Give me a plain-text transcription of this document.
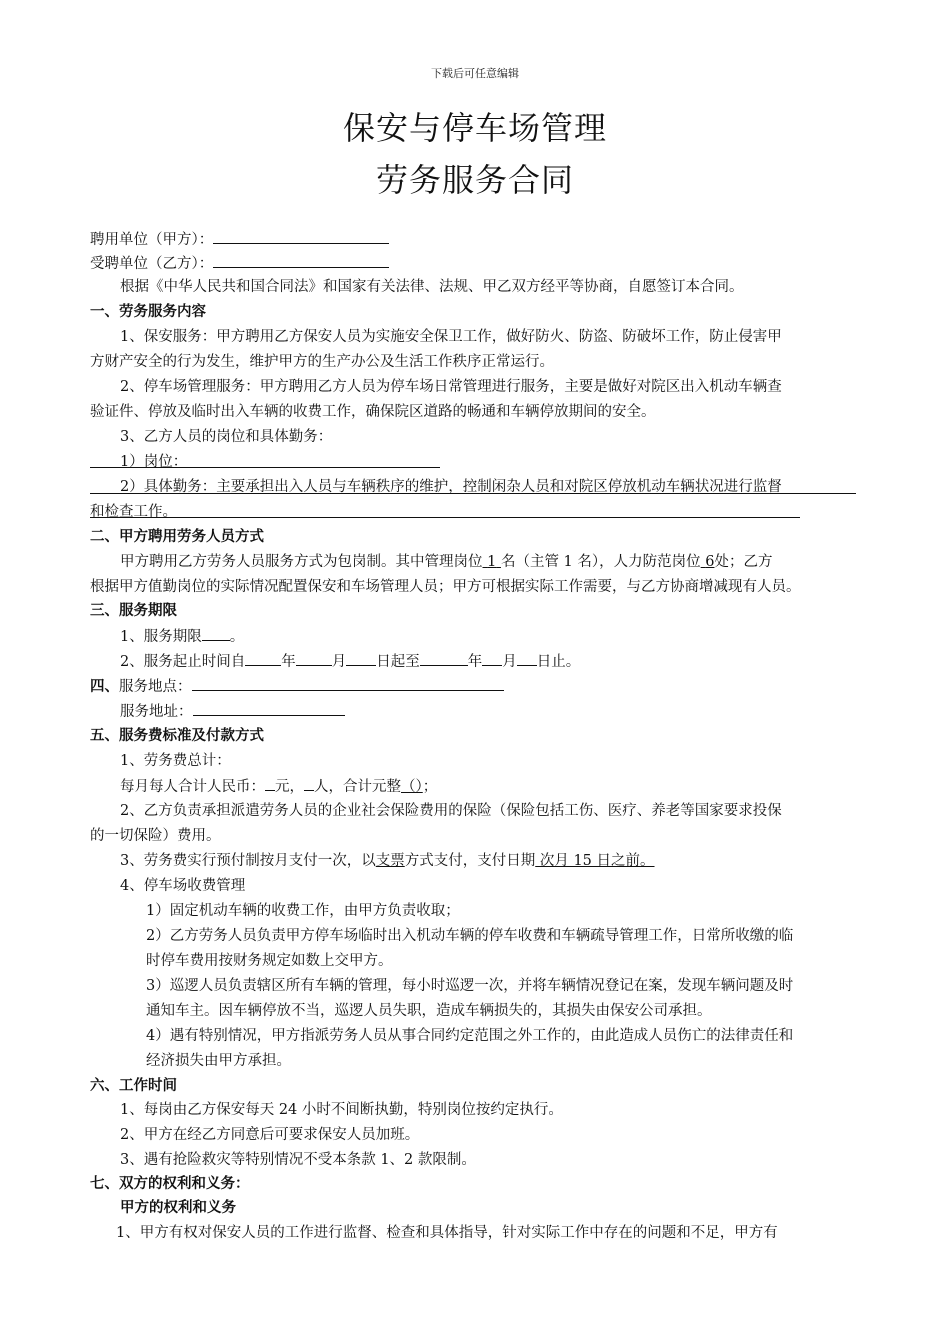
下载后可任意编辑
保安与停车场管理
劳务服务合同
聘用单位（甲方）：
受聘单位（乙方）：
根据《中华人民共和国合同法》和国家有关法律、法规、甲乙双方经平等协商，自愿签订本合同。
一、劳务服务内容
1、保安服务：甲方聘用乙方保安人员为实施安全保卫工作，做好防火、防盗、防破坏工作，防止侵害甲
方财产安全的行为发生，维护甲方的生产办公及生活工作秩序正常运行。
2、停车场管理服务：甲方聘用乙方人员为停车场日常管理进行服务，主要是做好对院区出入机动车辆查
验证件、停放及临时出入车辆的收费工作，确保院区道路的畅通和车辆停放期间的安全。
3、乙方人员的岗位和具体勤务：
1）岗位：
2）具体勤务：主要承担出入人员与车辆秩序的维护，控制闲杂人员和对院区停放机动车辆状况进行监督
和检查工作。
二、甲方聘用劳务人员方式
甲方聘用乙方劳务人员服务方式为包岗制。其中管理岗位 1 名（主管 1 名），人力防范岗位 6处；乙方
根据甲方值勤岗位的实际情况配置保安和车场管理人员；甲方可根据实际工作需要，与乙方协商增减现有人员。
三、服务期限
1、服务期限 。
2、服务起止时间自 年 月 日起至	年 月 日止。
四、服务地点：
服务地址：
五、服务费标准及付款方式
1、劳务费总计：
每月每人合计人民币： 元， 人，合计元整（）；
2、乙方负责承担派遣劳务人员的企业社会保险费用的保险（保险包括工伤、医疗、养老等国家要求投保
的一切保险）费用。
3、劳务费实行预付制按月支付一次，以支票方式支付，支付日期 次月 15 日之前。
4、停车场收费管理
1）固定机动车辆的收费工作，由甲方负责收取；
2）乙方劳务人员负责甲方停车场临时出入机动车辆的停车收费和车辆疏导管理工作，日常所收缴的临
时停车费用按财务规定如数上交甲方。
3）巡逻人员负责辖区所有车辆的管理，每小时巡逻一次，并将车辆情况登记在案，发现车辆问题及时
通知车主。因车辆停放不当，巡逻人员失职，造成车辆损失的，其损失由保安公司承担。
4）遇有特别情况，甲方指派劳务人员从事合同约定范围之外工作的，由此造成人员伤亡的法律责任和
经济损失由甲方承担。
六、工作时间
1、每岗由乙方保安每天 24 小时不间断执勤，特别岗位按约定执行。
2、甲方在经乙方同意后可要求保安人员加班。
3、遇有抢险救灾等特别情况不受本条款 1、2 款限制。
七、双方的权利和义务：
甲方的权利和义务
1、甲方有权对保安人员的工作进行监督、检查和具体指导，针对实际工作中存在的问题和不足，甲方有
